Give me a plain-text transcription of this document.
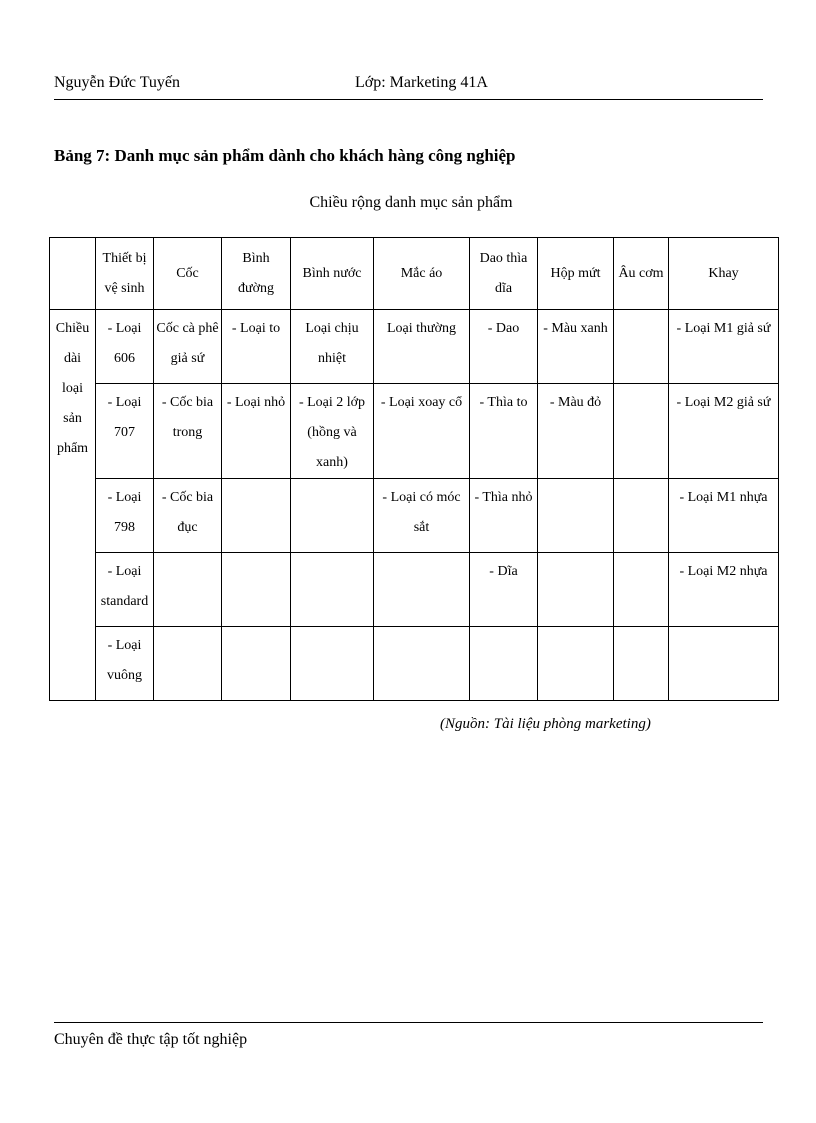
Nguyễn Đức Tuyến	Lớp: Marketing 41A
Bảng 7: Danh mục sản phẩm dành cho khách hàng công nghiệp
Chiều rộng danh mục sản phẩm
	Thiết bị vệ sinh	Cốc	Bình đường	Bình nước	Mắc áo	Dao thìa dĩa	Hộp mứt	Âu cơm	Khay
Chiều dài loại sản phẩm	- Loại 606	Cốc cà phê giả sứ	- Loại to	Loại chịu nhiệt	Loại thường	- Dao	- Màu xanh		- Loại M1 giả sứ
	- Loại 707	- Cốc bia trong	- Loại nhỏ	- Loại 2 lớp (hồng và xanh)	- Loại xoay cổ	- Thìa to	- Màu đỏ		- Loại M2 giả sứ
	- Loại 798	- Cốc bia đục			- Loại có móc sắt	- Thìa nhỏ			- Loại M1 nhựa
	- Loại standard					- Dĩa			- Loại M2 nhựa
	- Loại vuông								
(Nguồn: Tài liệu phòng marketing)
Chuyên đề thực tập tốt nghiệp
